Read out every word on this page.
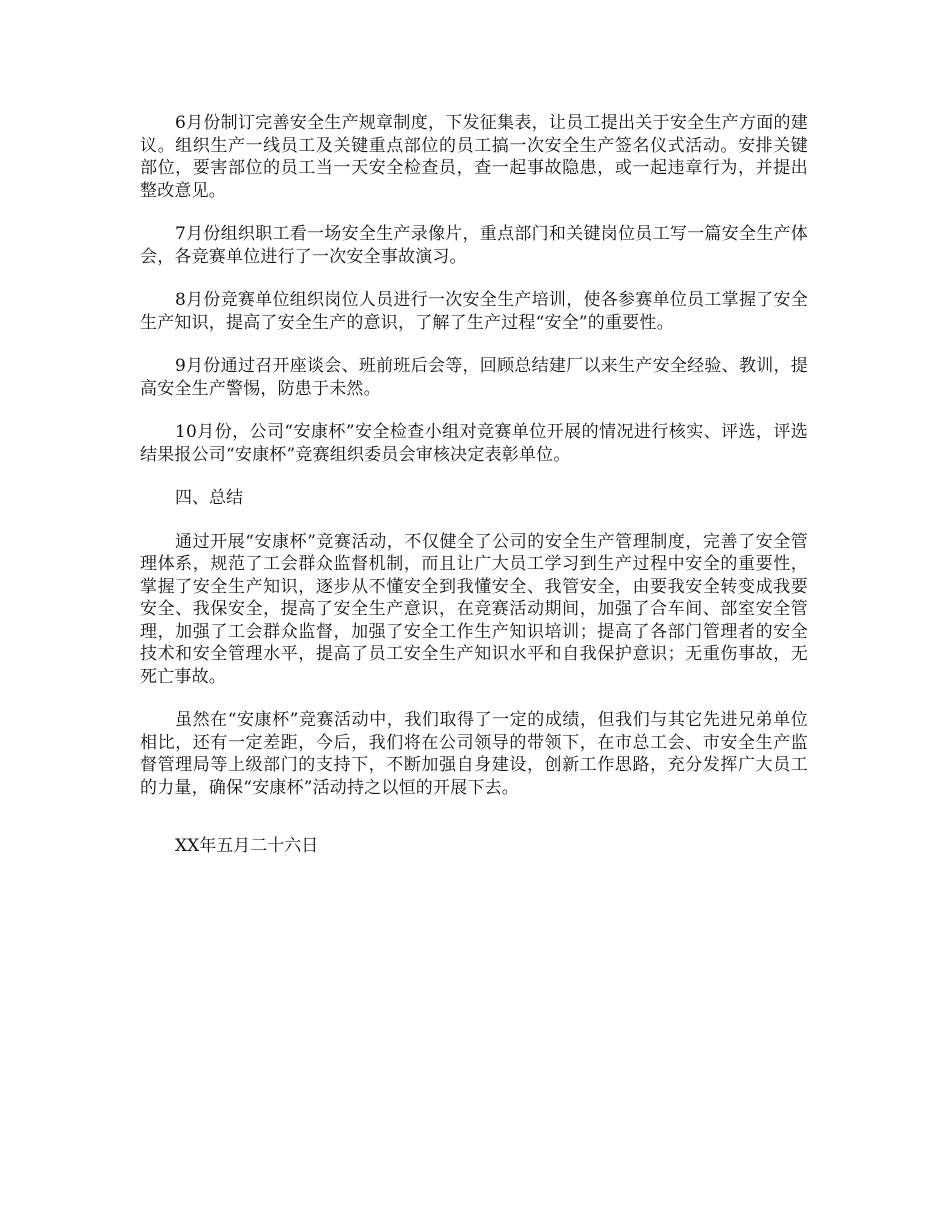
6月份制订完善安全生产规章制度，下发征集表，让员工提出关于安全生产方面的建议。组织生产一线员工及关键重点部位的员工搞一次安全生产签名仪式活动。安排关键部位，要害部位的员工当一天安全检查员，查一起事故隐患，或一起违章行为，并提出整改意见。

7月份组织职工看一场安全生产录像片，重点部门和关键岗位员工写一篇安全生产体会，各竞赛单位进行了一次安全事故演习。

8月份竞赛单位组织岗位人员进行一次安全生产培训，使各参赛单位员工掌握了安全生产知识，提高了安全生产的意识，了解了生产过程“安全”的重要性。

9月份通过召开座谈会、班前班后会等，回顾总结建厂以来生产安全经验、教训，提高安全生产警惕，防患于未然。

10月份，公司“安康杯”安全检查小组对竞赛单位开展的情况进行核实、评选，评选结果报公司“安康杯”竞赛组织委员会审核决定表彰单位。

四、总结

通过开展“安康杯”竞赛活动，不仅健全了公司的安全生产管理制度，完善了安全管理体系，规范了工会群众监督机制，而且让广大员工学习到生产过程中安全的重要性，掌握了安全生产知识，逐步从不懂安全到我懂安全、我管安全，由要我安全转变成我要安全、我保安全，提高了安全生产意识，在竞赛活动期间，加强了合车间、部室安全管理，加强了工会群众监督，加强了安全工作生产知识培训；提高了各部门管理者的安全技术和安全管理水平，提高了员工安全生产知识水平和自我保护意识；无重伤事故，无死亡事故。

虽然在“安康杯”竞赛活动中，我们取得了一定的成绩，但我们与其它先进兄弟单位相比，还有一定差距，今后，我们将在公司领导的带领下，在市总工会、市安全生产监督管理局等上级部门的支持下，不断加强自身建设，创新工作思路，充分发挥广大员工的力量，确保“安康杯”活动持之以恒的开展下去。

XX年五月二十六日
